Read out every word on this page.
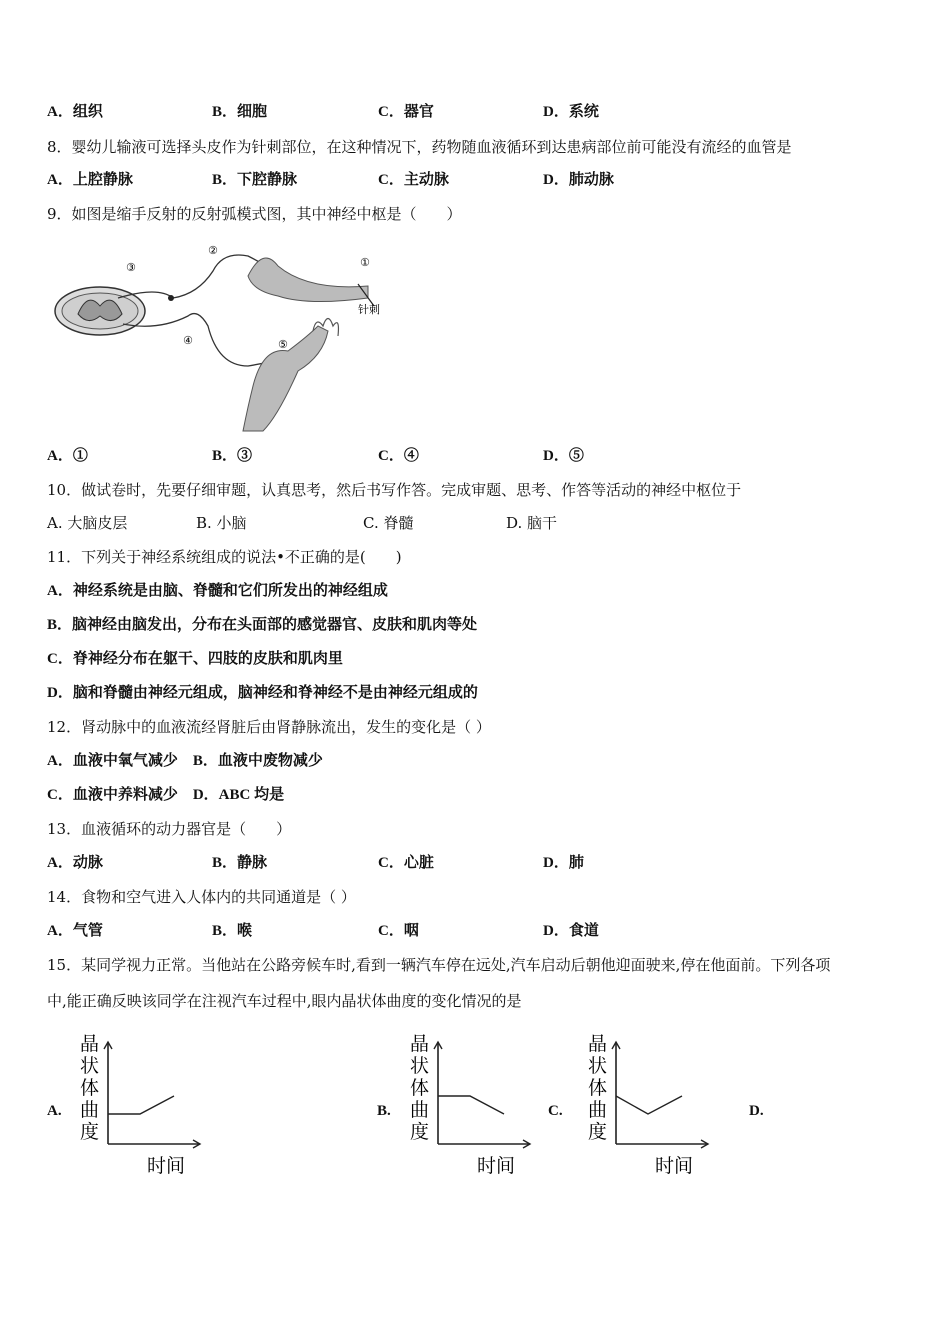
A．组织	B．细胞	C．器官	D．系统
8．婴幼儿输液可选择头皮作为针刺部位，在这种情况下，药物随血液循环到达患病部位前可能没有流经的血管是
A．上腔静脉	B．下腔静脉	C．主动脉	D．肺动脉
9．如图是缩手反射的反射弧模式图，其中神经中枢是（　　）
①
②
③
④	⑤
针刺
A．①	B．③	C．④	D．⑤
10．做试卷时，先要仔细审题，认真思考，然后书写作答。完成审题、思考、作答等活动的神经中枢位于
A. 大脑皮层	B. 小脑	C. 脊髓	D. 脑干
11．下列关于神经系统组成的说法•不正确的是(　　)
A．神经系统是由脑、脊髓和它们所发出的神经组成
B．脑神经由脑发出，分布在头面部的感觉器官、皮肤和肌肉等处
C．脊神经分布在躯干、四肢的皮肤和肌肉里
D．脑和脊髓由神经元组成，脑神经和脊神经不是由神经元组成的
12．肾动脉中的血液流经肾脏后由肾静脉流出，发生的变化是（ ）
A．血液中氧气减少　B．血液中废物减少
C．血液中养料减少　D．ABC 均是
13．血液循环的动力器官是（　　）
A．动脉	B．静脉	C．心脏	D．肺
14．食物和空气进入人体内的共同通道是（ ）
A．气管	B．喉	C．咽	D．食道
15．某同学视力正常。当他站在公路旁候车时,看到一辆汽车停在远处,汽车启动后朝他迎面驶来,停在他面前。下列各项
中,能正确反映该同学在注视汽车过程中,眼内晶状体曲度的变化情况的是
A.	B.	C.	D.
晶
状
体
曲
度
时间
晶
状
体
曲
度
时间
晶
状
体
曲
度
时间
